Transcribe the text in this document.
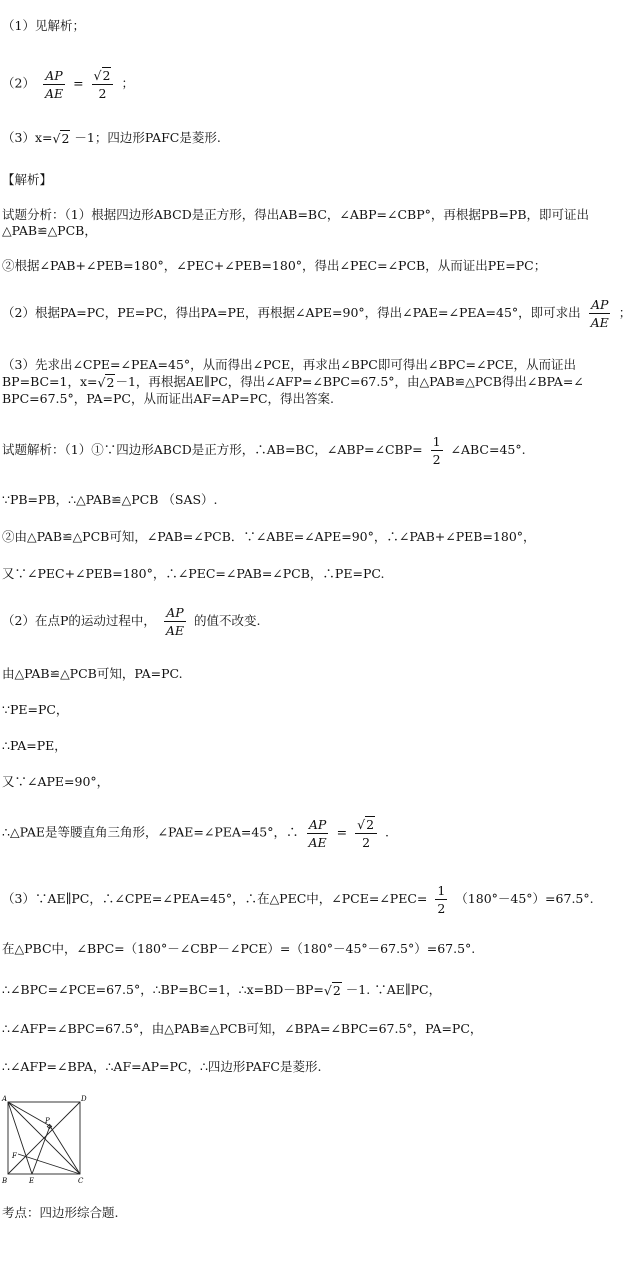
（1）见解析；
$(2) \frac{AP}{AE} = \frac{√2}{2}$ ；
（3）x=√2 －1；四边形PAFC是菱形.
【解析】
试题分析：（1）根据四边形ABCD是正方形，得出AB=BC，∠ABP=∠CBP°，再根据PB=PB，即可证出△PAB≌△PCB，
②根据∠PAB+∠PEB=180°，∠PEC+∠PEB=180°，得出∠PEC=∠PCB，从而证出PE=PC；
（2）根据PA=PC，PE=PC，得出PA=PE，再根据∠APE=90°，得出∠PAE=∠PEA=45°，即可求出 $\frac{AP}{AE}$ ；
（3）先求出∠CPE=∠PEA=45°，从而得出∠PCE，再求出∠BPC即可得出∠BPC=∠PCE，从而证出
BP=BC=1，x=√2－1，再根据AE∥PC，得出∠AFP=∠BPC=67.5°，由△PAB≌△PCB得出∠BPA=∠
BPC=67.5°，PA=PC，从而证出AF=AP=PC，得出答案.
试题解析：（1）①∵四边形ABCD是正方形，∴AB=BC，∠ABP=∠CBP= $\frac{1}{2}$ ∠ABC=45°.
∵PB=PB，∴△PAB≌△PCB （SAS）.
②由△PAB≌△PCB可知，∠PAB=∠PCB．∵∠ABE=∠APE=90°，∴∠PAB+∠PEB=180°，
又∵∠PEC+∠PEB=180°，∴∠PEC=∠PAB=∠PCB，∴PE=PC.
（2）在点P的运动过程中， $\frac{AP}{AE}$ 的值不改变.
由△PAB≌△PCB可知，PA=PC.
∵PE=PC，
∴PA=PE，
又∵∠APE=90°，
∴△PAE是等腰直角三角形，∠PAE=∠PEA=45°，∴ $\frac{AP}{AE} = \frac{√2}{2}$ .
（3）∵AE∥PC，∴∠CPE=∠PEA=45°，∴在△PEC中，∠PCE=∠PEC= $\frac{1}{2} (180^\circ-45^\circ)=67.5^\circ$.
在△PBC中，∠BPC=（180°－∠CBP－∠PCE）=（180°－45°－67.5°）=67.5°.
∴∠BPC=∠PCE=67.5°，∴BP=BC=1，∴x=BD－BP=√2 －1. ∵AE∥PC，
∴∠AFP=∠BPC=67.5°，由△PAB≌△PCB可知，∠BPA=∠BPC=67.5°，PA=PC，
∴∠AFP=∠BPA，∴AF=AP=PC，∴四边形PAFC是菱形.
A	D
B	E	C
F
P
考点：四边形综合题.
